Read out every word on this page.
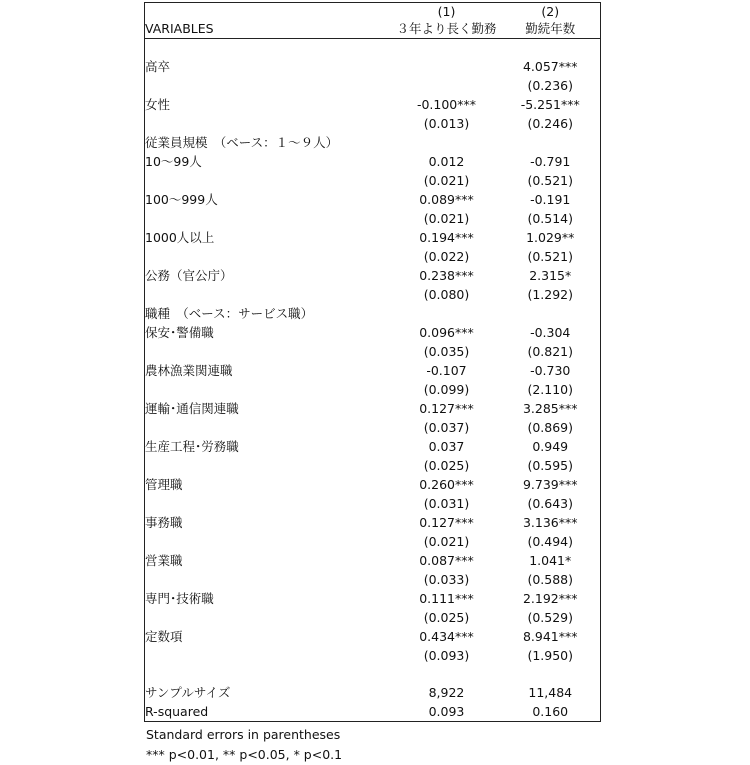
	(1)	(2)
VARIABLES	３年より長く勤務	勤続年数

高卒		4.057***
		(0.236)
女性	-0.100***	-5.251***
	(0.013)	(0.246)
従業員規模　（ベース：１～９人）		
10～99人	0.012	-0.791
	(0.021)	(0.521)
100～999人	0.089***	-0.191
	(0.021)	(0.514)
1000人以上	0.194***	1.029**
	(0.022)	(0.521)
公務（官公庁）	0.238***	2.315*
	(0.080)	(1.292)
職種　（ベース：サービス職）		
保安･警備職	0.096***	-0.304
	(0.035)	(0.821)
農林漁業関連職	-0.107	-0.730
	(0.099)	(2.110)
運輸･通信関連職	0.127***	3.285***
	(0.037)	(0.869)
生産工程･労務職	0.037	0.949
	(0.025)	(0.595)
管理職	0.260***	9.739***
	(0.031)	(0.643)
事務職	0.127***	3.136***
	(0.021)	(0.494)
営業職	0.087***	1.041*
	(0.033)	(0.588)
専門･技術職	0.111***	2.192***
	(0.025)	(0.529)
定数項	0.434***	8.941***
	(0.093)	(1.950)

サンプルサイズ	8,922	11,484
R-squared	0.093	0.160
Standard errors in parentheses
*** p<0.01, ** p<0.05, * p<0.1
